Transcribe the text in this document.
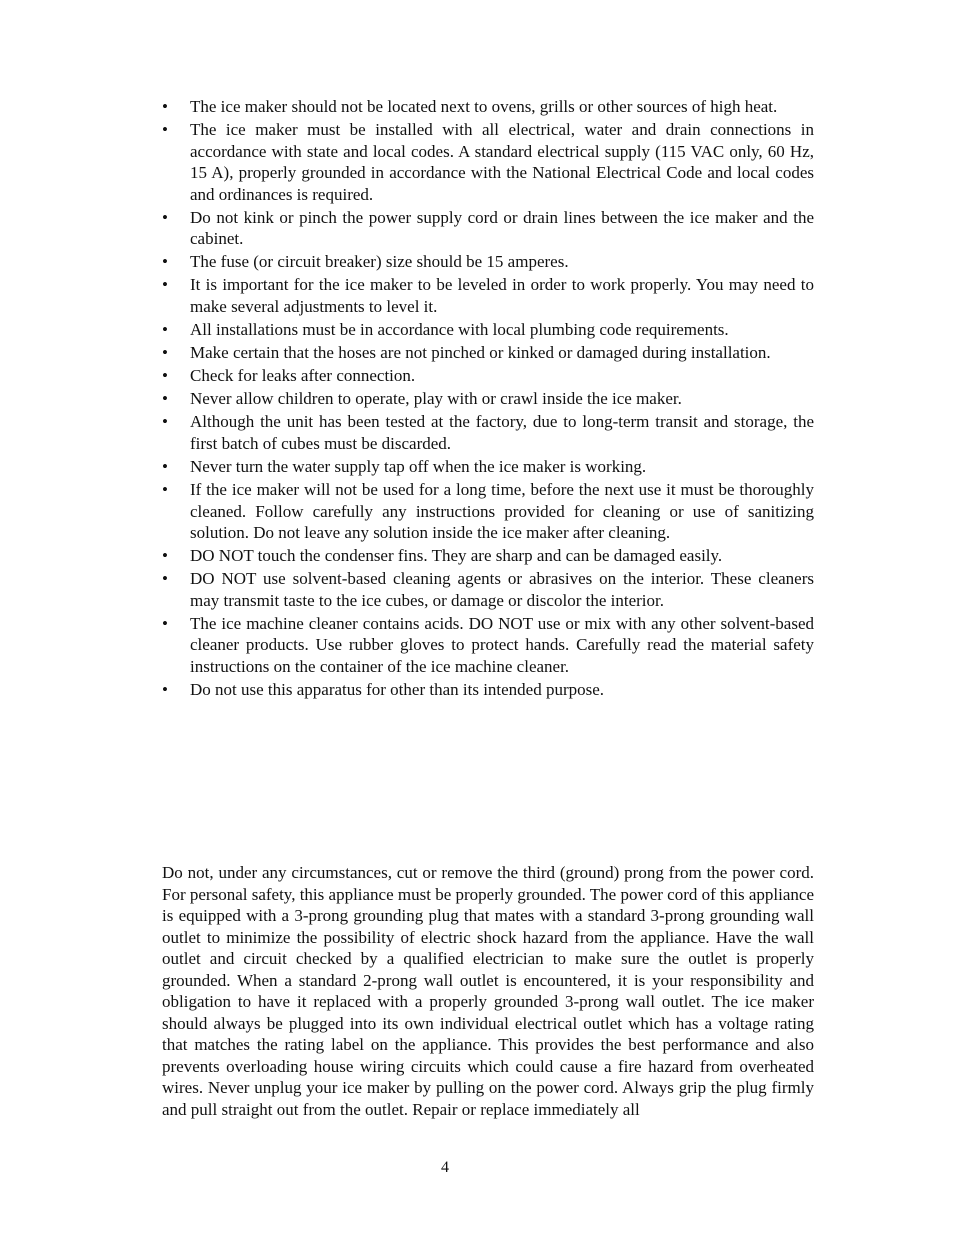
•	The ice maker should not be located next to ovens, grills or other sources of high heat.
•	The ice maker must be installed with all electrical, water and drain connections in accordance with state and local codes. A standard electrical supply (115 VAC only, 60 Hz, 15 A), properly grounded in accordance with the National Electrical Code and local codes and ordinances is required.
•	Do not kink or pinch the power supply cord or drain lines between the ice maker and the cabinet.
•	The fuse (or circuit breaker) size should be 15 amperes.
•	It is important for the ice maker to be leveled in order to work properly. You may need to make several adjustments to level it.
•	All installations must be in accordance with local plumbing code requirements.
•	Make certain that the hoses are not pinched or kinked or damaged during installation.
•	Check for leaks after connection.
•	Never allow children to operate, play with or crawl inside the ice maker.
•	Although the unit has been tested at the factory, due to long-term transit and storage, the first batch of cubes must be discarded.
•	Never turn the water supply tap off when the ice maker is working.
•	If the ice maker will not be used for a long time, before the next use it must be thoroughly cleaned. Follow carefully any instructions provided for cleaning or use of sanitizing solution. Do not leave any solution inside the ice maker after cleaning.
•	DO NOT touch the condenser fins. They are sharp and can be damaged easily.
•	DO NOT use solvent-based cleaning agents or abrasives on the interior. These cleaners may transmit taste to the ice cubes, or damage or discolor the interior.
•	The ice machine cleaner contains acids. DO NOT use or mix with any other solvent-based cleaner products. Use rubber gloves to protect hands. Carefully read the material safety instructions on the container of the ice machine cleaner.
•	Do not use this apparatus for other than its intended purpose.

Do not, under any circumstances, cut or remove the third (ground) prong from the power cord. For personal safety, this appliance must be properly grounded. The power cord of this appliance is equipped with a 3-prong grounding plug that mates with a standard 3-prong grounding wall outlet to minimize the possibility of electric shock hazard from the appliance. Have the wall outlet and circuit checked by a qualified electrician to make sure the outlet is properly grounded. When a standard 2-prong wall outlet is encountered, it is your responsibility and obligation to have it replaced with a properly grounded 3-prong wall outlet. The ice maker should always be plugged into its own individual electrical outlet which has a voltage rating that matches the rating label on the appliance. This provides the best performance and also prevents overloading house wiring circuits which could cause a fire hazard from overheated wires. Never unplug your ice maker by pulling on the power cord. Always grip the plug firmly and pull straight out from the outlet. Repair or replace immediately all

4
